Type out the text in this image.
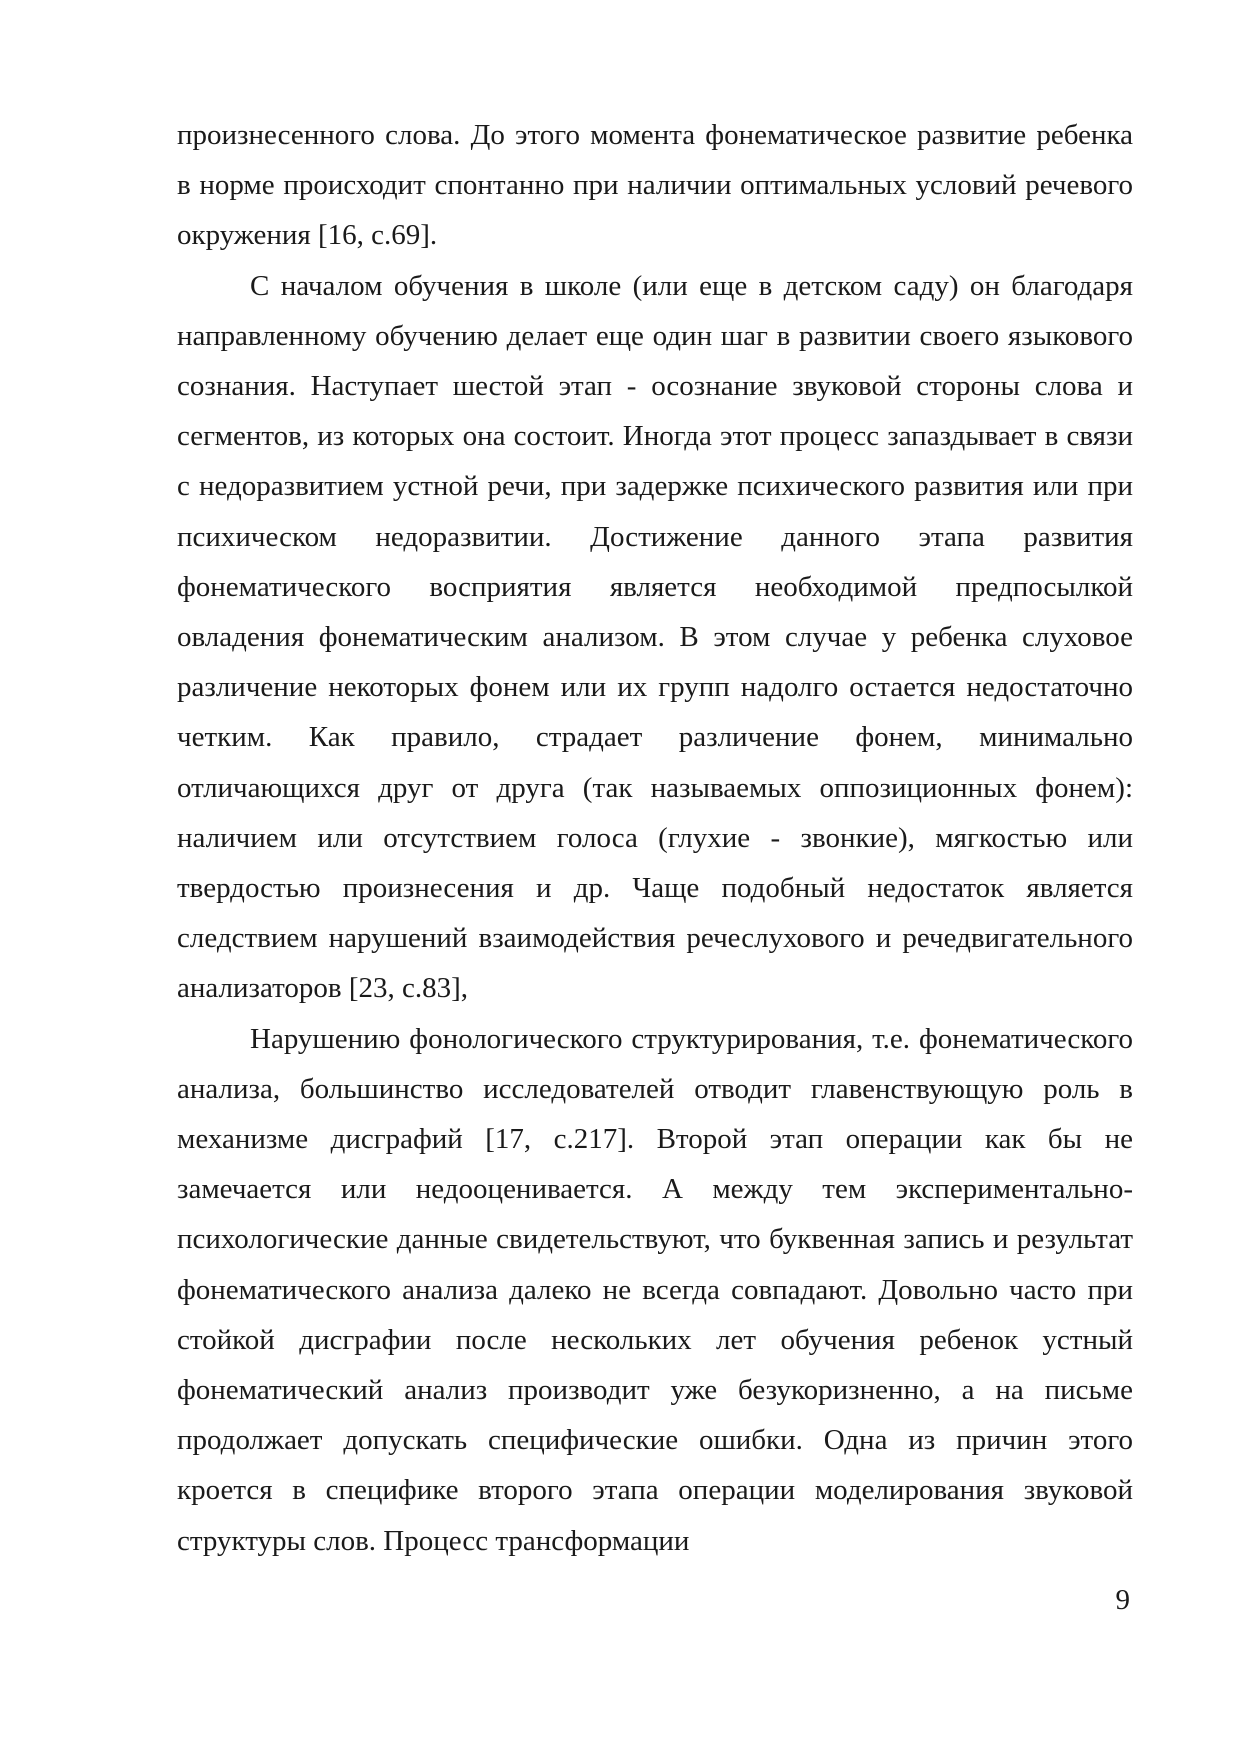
произнесенного слова. До этого момента фонематическое развитие ребенка в норме происходит спонтанно при наличии оптимальных условий речевого окружения [16, с.69].

С началом обучения в школе (или еще в детском саду) он благодаря направленному обучению делает еще один шаг в развитии своего языкового сознания. Наступает шестой этап - осознание звуковой стороны слова и сегментов, из которых она состоит. Иногда этот процесс запаздывает в связи с недоразвитием устной речи, при задержке психического развития или при психическом недоразвитии. Достижение данного этапа развития фонематического восприятия является необходимой предпосылкой овладения фонематическим анализом. В этом случае у ребенка слуховое различение некоторых фонем или их групп надолго остается недостаточно четким. Как правило, страдает различение фонем, минимально отличающихся друг от друга (так называемых оппозиционных фонем): наличием или отсутствием голоса (глухие - звонкие), мягкостью или твердостью произнесения и др. Чаще подобный недостаток является следствием нарушений взаимодействия речеслухового и речедвигательного анализаторов [23, с.83],

Нарушению фонологического структурирования, т.е. фонематического анализа, большинство исследователей отводит главенствующую роль в механизме дисграфий [17, с.217]. Второй этап операции как бы не замечается или недооценивается. А между тем экспериментально-психологические данные свидетельствуют, что буквенная запись и результат фонематического анализа далеко не всегда совпадают. Довольно часто при стойкой дисграфии после нескольких лет обучения ребенок устный фонематический анализ производит уже безукоризненно, а на письме продолжает допускать специфические ошибки. Одна из причин этого кроется в специфике второго этапа операции моделирования звуковой структуры слов. Процесс трансформации

9
